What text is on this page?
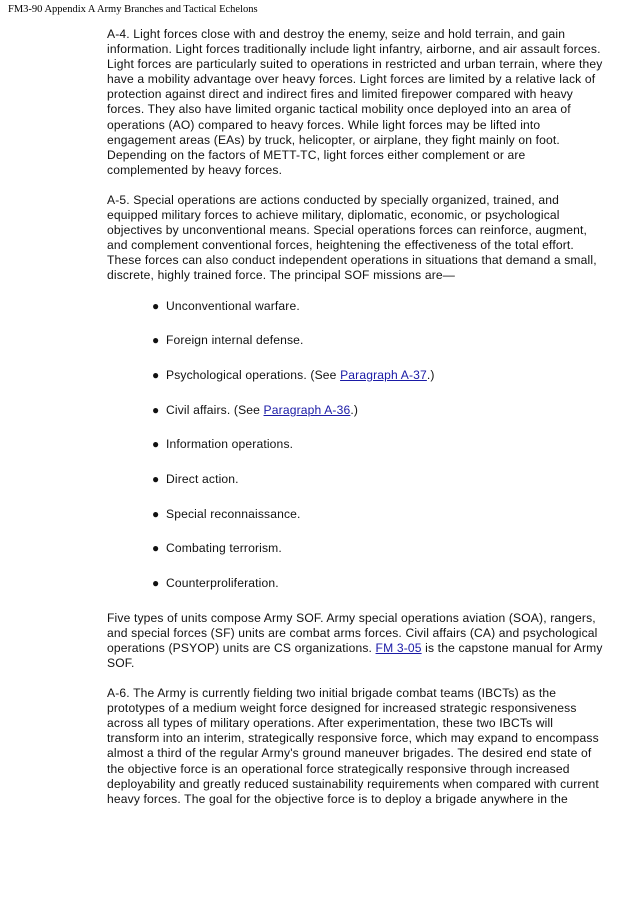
FM3-90 Appendix A Army Branches and Tactical Echelons

A-4. Light forces close with and destroy the enemy, seize and hold terrain, and gain information. Light forces traditionally include light infantry, airborne, and air assault forces. Light forces are particularly suited to operations in restricted and urban terrain, where they have a mobility advantage over heavy forces. Light forces are limited by a relative lack of protection against direct and indirect fires and limited firepower compared with heavy forces. They also have limited organic tactical mobility once deployed into an area of operations (AO) compared to heavy forces. While light forces may be lifted into engagement areas (EAs) by truck, helicopter, or airplane, they fight mainly on foot. Depending on the factors of METT-TC, light forces either complement or are complemented by heavy forces.

A-5. Special operations are actions conducted by specially organized, trained, and equipped military forces to achieve military, diplomatic, economic, or psychological objectives by unconventional means. Special operations forces can reinforce, augment, and complement conventional forces, heightening the effectiveness of the total effort. These forces can also conduct independent operations in situations that demand a small, discrete, highly trained force. The principal SOF missions are—

● Unconventional warfare.
● Foreign internal defense.
● Psychological operations. (See Paragraph A-37.)
● Civil affairs. (See Paragraph A-36.)
● Information operations.
● Direct action.
● Special reconnaissance.
● Combating terrorism.
● Counterproliferation.

Five types of units compose Army SOF. Army special operations aviation (SOA), rangers, and special forces (SF) units are combat arms forces. Civil affairs (CA) and psychological operations (PSYOP) units are CS organizations. FM 3-05 is the capstone manual for Army SOF.

A-6. The Army is currently fielding two initial brigade combat teams (IBCTs) as the prototypes of a medium weight force designed for increased strategic responsiveness across all types of military operations. After experimentation, these two IBCTs will transform into an interim, strategically responsive force, which may expand to encompass almost a third of the regular Army's ground maneuver brigades. The desired end state of the objective force is an operational force strategically responsive through increased deployability and greatly reduced sustainability requirements when compared with current heavy forces. The goal for the objective force is to deploy a brigade anywhere in the
